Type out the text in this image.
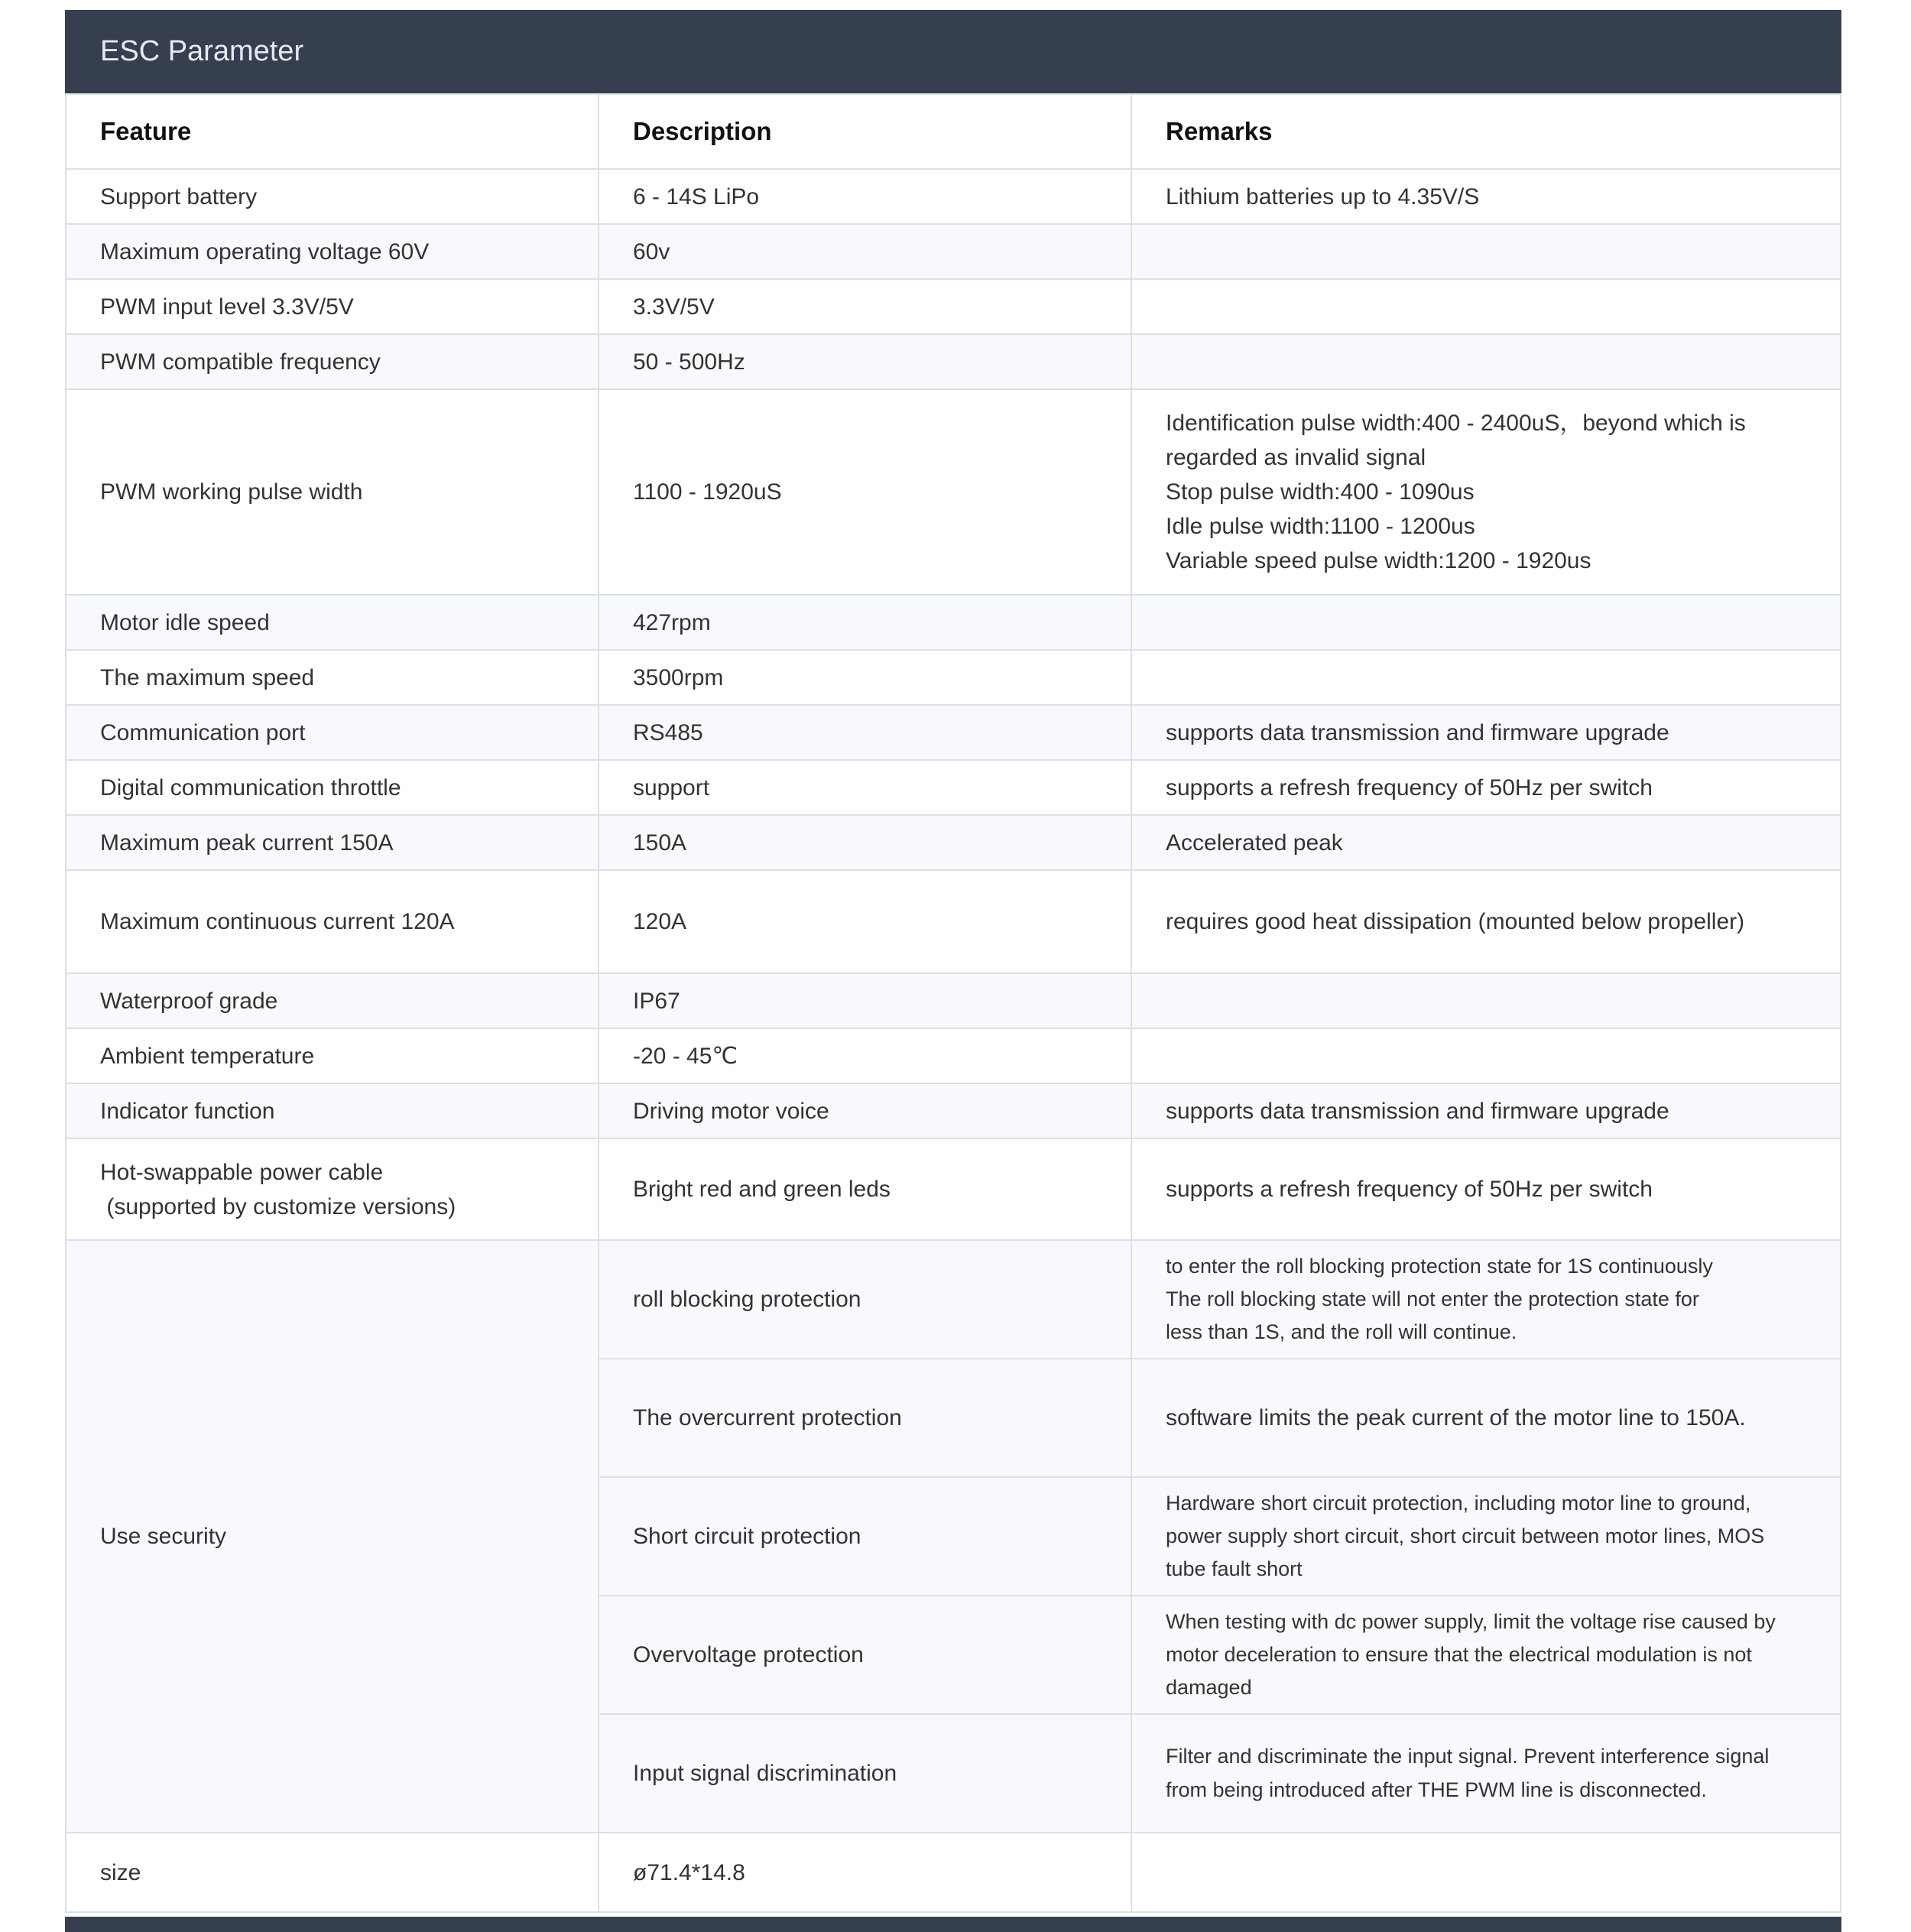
ESC Parameter
Feature	Description	Remarks
Support battery	6 - 14S LiPo	Lithium batteries up to 4.35V/S

Maximum operating voltage 60V	60v	
PWM input level 3.3V/5V	3.3V/5V	
PWM compatible frequency	50 - 500Hz	
PWM working pulse width	1100 - 1920uS	Identification pulse width:400 - 2400uS，beyond which is regarded as invalid signal
Stop pulse width:400 - 1090us
Idle pulse width:1100 - 1200us
Variable speed pulse width:1200 - 1920us

Motor idle speed	427rpm	
The maximum speed	3500rpm	
Communication port	RS485	supports data transmission and firmware upgrade

Digital communication throttle	support	supports a refresh frequency of 50Hz per switch

Maximum peak current 150A	150A	Accelerated peak

Maximum continuous current 120A	120A	requires good heat dissipation (mounted below propeller)

Waterproof grade	IP67	
Ambient temperature	-20 - 45℃	
Indicator function	Driving motor voice	supports data transmission and firmware upgrade

Hot-swappable power cable
(supported by customize versions)	Bright red and green leds	supports a refresh frequency of 50Hz per switch

Use security	roll blocking protection	to enter the roll blocking protection state for 1S continuously
The roll blocking state will not enter the protection state for
less than 1S, and the roll will continue.

	The overcurrent protection	software limits the peak current of the motor line to 150A.

	Short circuit protection	Hardware short circuit protection, including motor line to ground, power supply short circuit, short circuit between motor lines, MOS tube fault short

	Overvoltage protection	When testing with dc power supply, limit the voltage rise caused by motor deceleration to ensure that the electrical modulation is not damaged

	Input signal discrimination	Filter and discriminate the input signal. Prevent interference signal from being introduced after THE PWM line is disconnected.

size	ø71.4*14.8	
